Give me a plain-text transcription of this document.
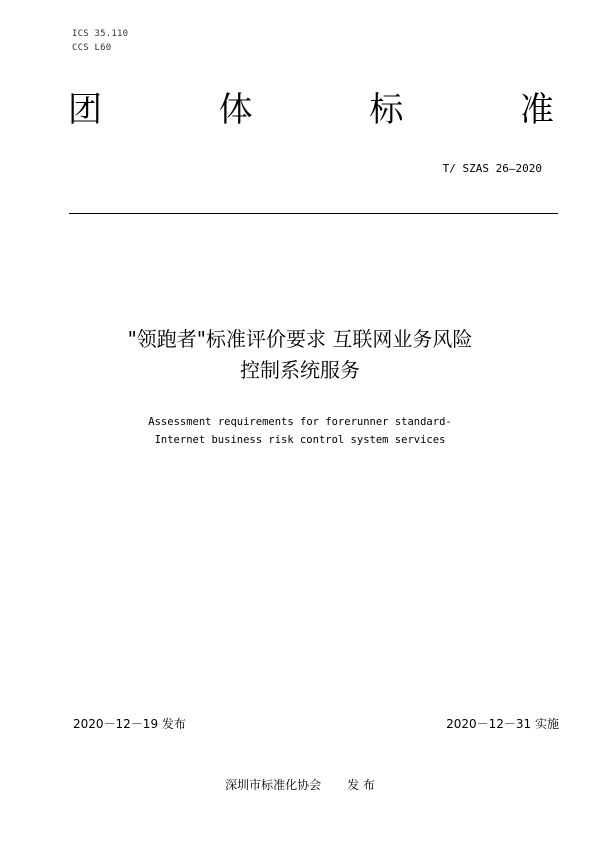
ICS 35.110
CCS L60
团	体	标	准
T/ SZAS 26—2020
"领跑者"标准评价要求 互联网业务风险
控制系统服务
Assessment requirements for forerunner standard-
Internet business risk control system services
2020－12－19 发布	2020－12－31 实施
深圳市标准化协会 发 布
